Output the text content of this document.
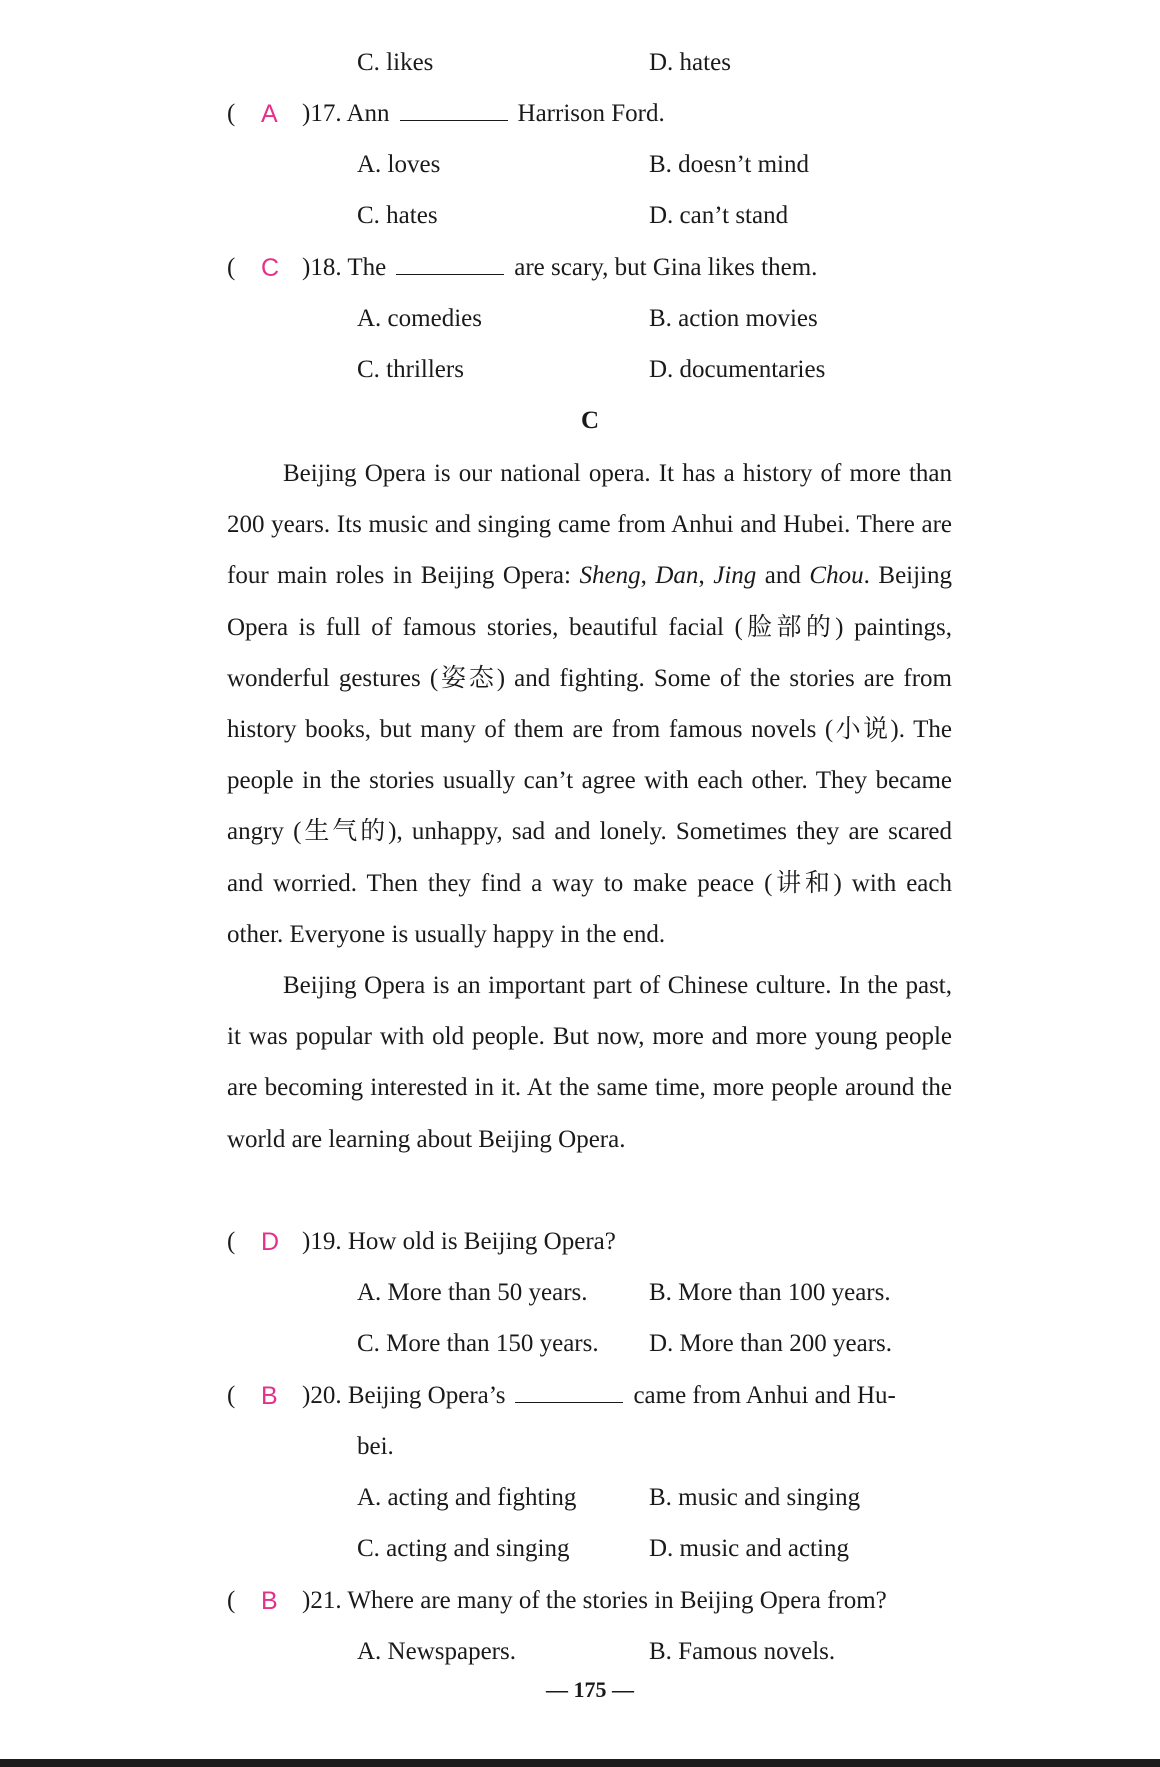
C. likes	D. hates
( A )17. Ann	Harrison Ford.
A. loves	B. doesn’t mind
C. hates	D. can’t stand
( C )18. The	are scary, but Gina likes them.
A. comedies	B. action movies
C. thrillers	D. documentaries
C

Beijing Opera is our national opera. It has a history of more than 200 years. Its music and singing came from Anhui and Hubei. There are four main roles in Beijing Opera: Sheng, Dan, Jing and Chou. Beijing Opera is full of famous stories, beautiful facial (脸部的) paintings, wonderful gestures (姿态) and fighting. Some of the stories are from history books, but many of them are from famous novels (小说). The people in the stories usually can’t agree with each other. They became angry (生气的), unhappy, sad and lonely. Sometimes they are scared and worried. Then they find a way to make peace (讲和) with each other. Everyone is usually happy in the end.

Beijing Opera is an important part of Chinese culture. In the past, it was popular with old people. But now, more and more young people are becoming interested in it. At the same time, more people around the world are learning about Beijing Opera.

( D )19. How old is Beijing Opera?
A. More than 50 years. B. More than 100 years.
C. More than 150 years. D. More than 200 years.
( B )20. Beijing Opera’s	came from Anhui and Hu-
bei.
A. acting and fighting	B. music and singing
C. acting and singing	D. music and acting
( B )21. Where are many of the stories in Beijing Opera from?
A. Newspapers.	B. Famous novels.
— 175 —
